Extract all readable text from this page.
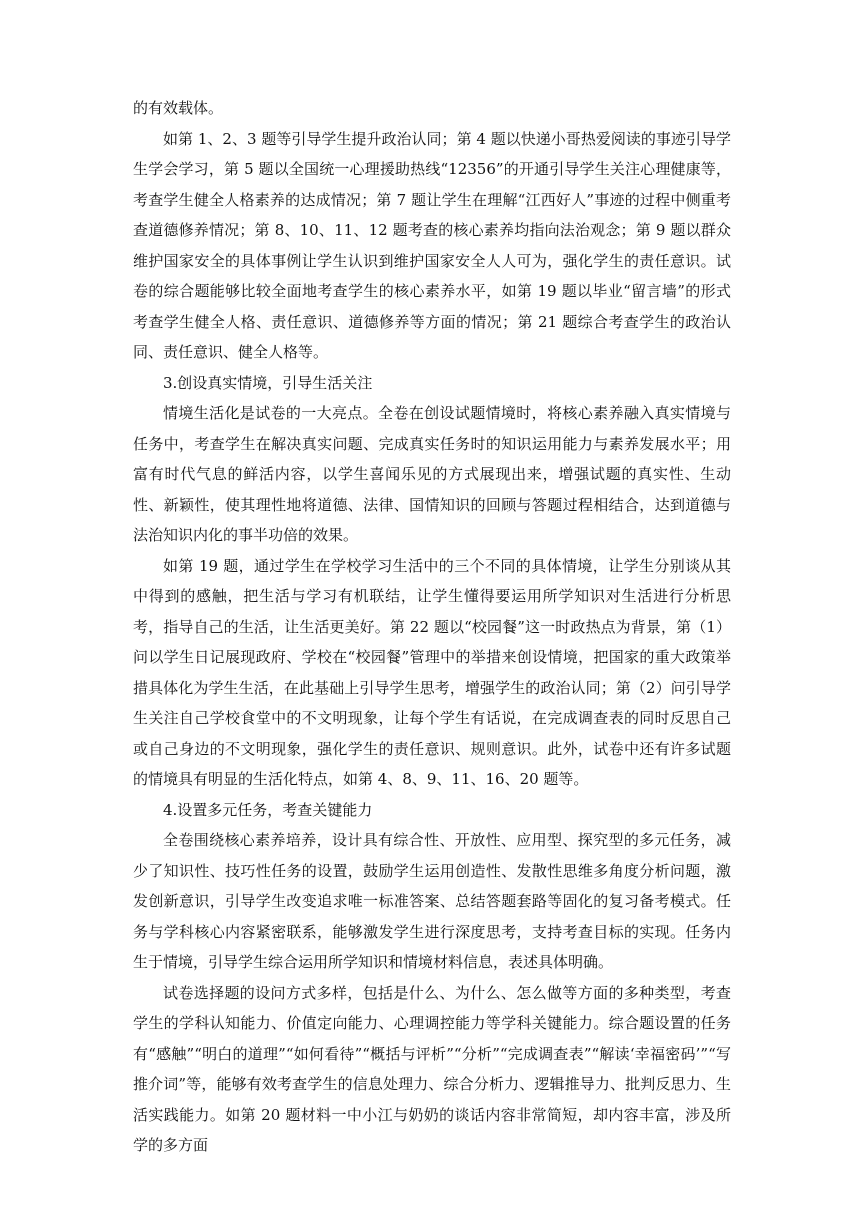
的有效载体。

如第 1、2、3 题等引导学生提升政治认同；第 4 题以快递小哥热爱阅读的事迹引导学生学会学习，第 5 题以全国统一心理援助热线“12356”的开通引导学生关注心理健康等，考查学生健全人格素养的达成情况；第 7 题让学生在理解“江西好人”事迹的过程中侧重考查道德修养情况；第 8、10、11、12 题考查的核心素养均指向法治观念；第 9 题以群众维护国家安全的具体事例让学生认识到维护国家安全人人可为，强化学生的责任意识。试卷的综合题能够比较全面地考查学生的核心素养水平，如第 19 题以毕业“留言墙”的形式考查学生健全人格、责任意识、道德修养等方面的情况；第 21 题综合考查学生的政治认同、责任意识、健全人格等。

3.创设真实情境，引导生活关注

情境生活化是试卷的一大亮点。全卷在创设试题情境时，将核心素养融入真实情境与任务中，考查学生在解决真实问题、完成真实任务时的知识运用能力与素养发展水平；用富有时代气息的鲜活内容，以学生喜闻乐见的方式展现出来，增强试题的真实性、生动性、新颖性，使其理性地将道德、法律、国情知识的回顾与答题过程相结合，达到道德与法治知识内化的事半功倍的效果。

如第 19 题，通过学生在学校学习生活中的三个不同的具体情境，让学生分别谈从其中得到的感触，把生活与学习有机联结，让学生懂得要运用所学知识对生活进行分析思考，指导自己的生活，让生活更美好。第 22 题以“校园餐”这一时政热点为背景，第（1）问以学生日记展现政府、学校在“校园餐”管理中的举措来创设情境，把国家的重大政策举措具体化为学生生活，在此基础上引导学生思考，增强学生的政治认同；第（2）问引导学生关注自己学校食堂中的不文明现象，让每个学生有话说，在完成调查表的同时反思自己或自己身边的不文明现象，强化学生的责任意识、规则意识。此外，试卷中还有许多试题的情境具有明显的生活化特点，如第 4、8、9、11、16、20 题等。

4.设置多元任务，考查关键能力

全卷围绕核心素养培养，设计具有综合性、开放性、应用型、探究型的多元任务，减少了知识性、技巧性任务的设置，鼓励学生运用创造性、发散性思维多角度分析问题，激发创新意识，引导学生改变追求唯一标准答案、总结答题套路等固化的复习备考模式。任务与学科核心内容紧密联系，能够激发学生进行深度思考，支持考查目标的实现。任务内生于情境，引导学生综合运用所学知识和情境材料信息，表述具体明确。

试卷选择题的设问方式多样，包括是什么、为什么、怎么做等方面的多种类型，考查学生的学科认知能力、价值定向能力、心理调控能力等学科关键能力。综合题设置的任务有“感触”“明白的道理”“如何看待”“概括与评析”“分析”“完成调查表”“解读‘幸福密码’”“写推介词”等，能够有效考查学生的信息处理力、综合分析力、逻辑推导力、批判反思力、生活实践能力。如第 20 题材料一中小江与奶奶的谈话内容非常简短，却内容丰富，涉及所学的多方面
